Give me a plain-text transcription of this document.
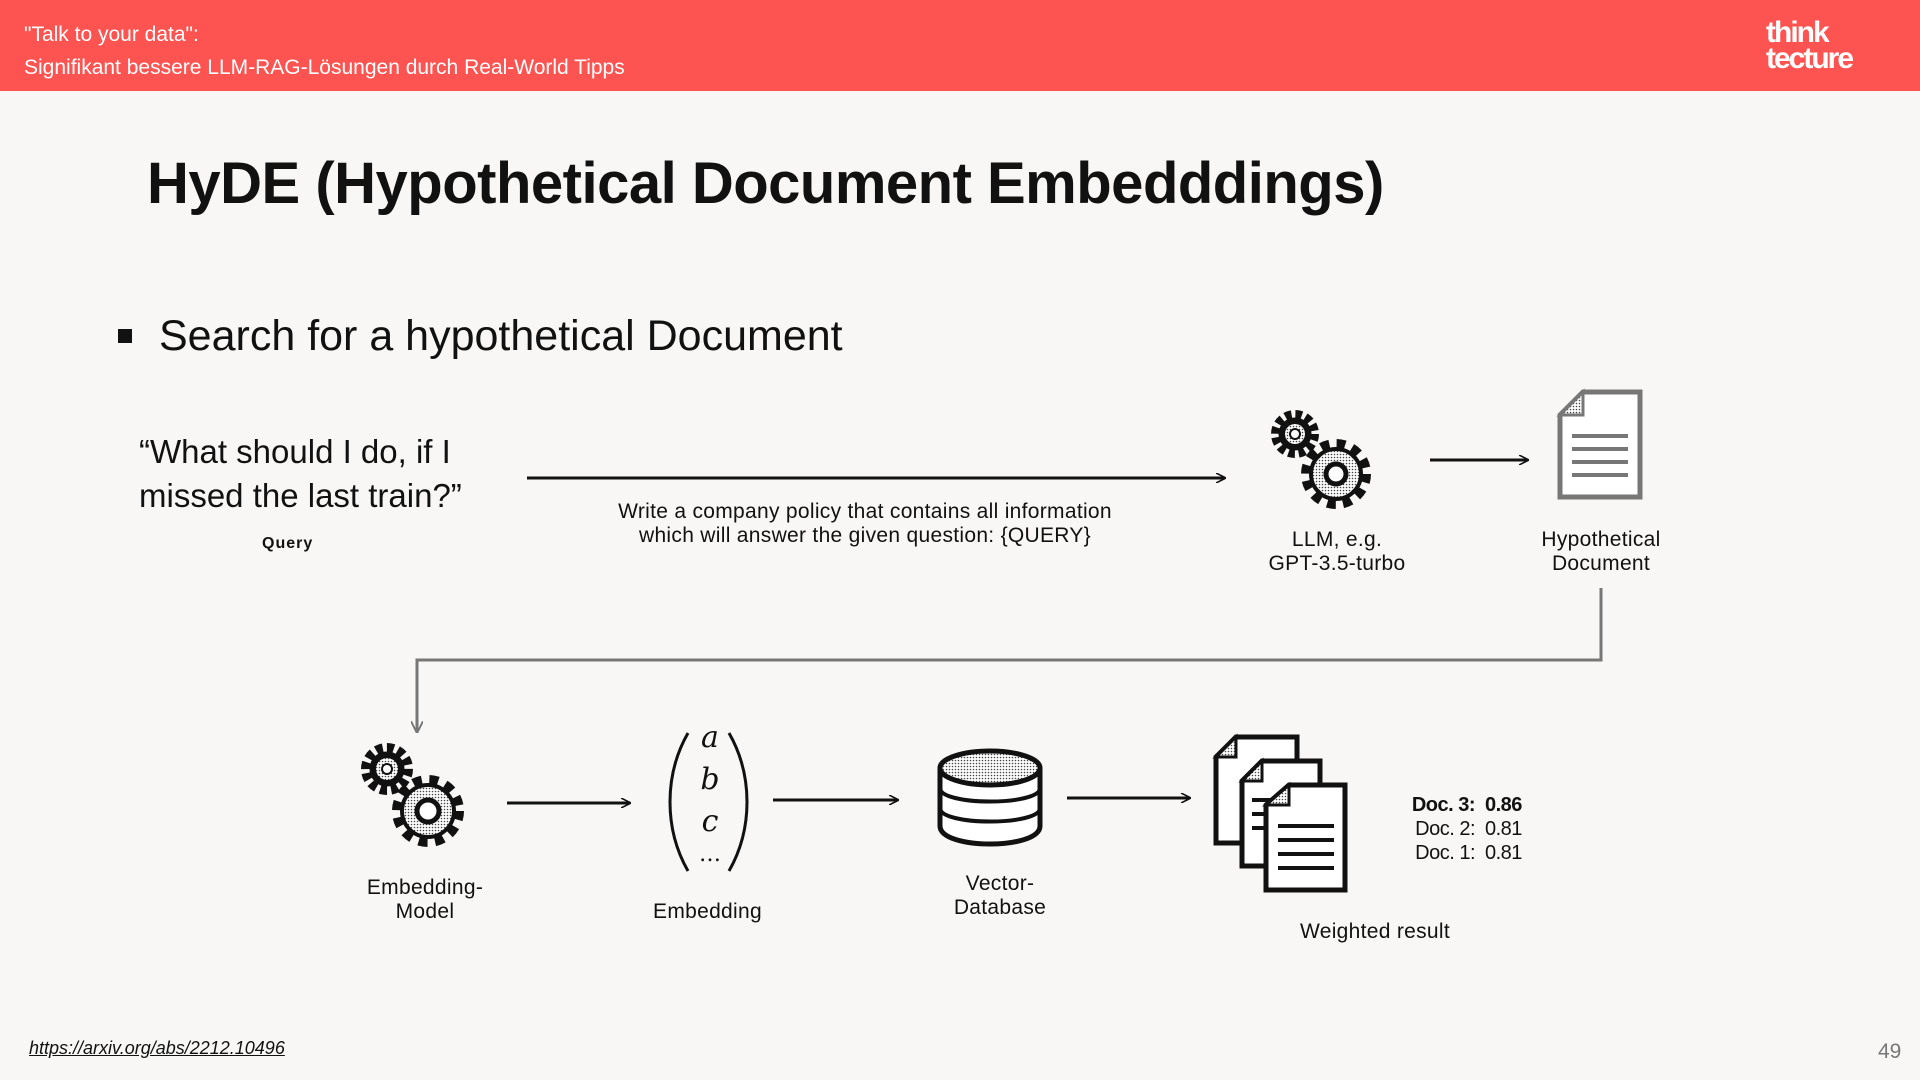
"Talk to your data":
Signifikant bessere LLM-RAG-Lösungen durch Real-World Tipps
think
tecture
HyDE (Hypothetical Document Embedddings)
Search for a hypothetical Document
“What should I do, if I missed the last train?”
Query
Write a company policy that contains all information
which will answer the given question: {QUERY}
a
b
c
…
LLM, e.g.
GPT-3.5-turbo
Hypothetical
Document
Embedding-
Model	Embedding
Vector-
Database
Weighted result
Doc. 3: 0.86
Doc. 2: 0.81
Doc. 1: 0.81
https://arxiv.org/abs/2212.10496	49
